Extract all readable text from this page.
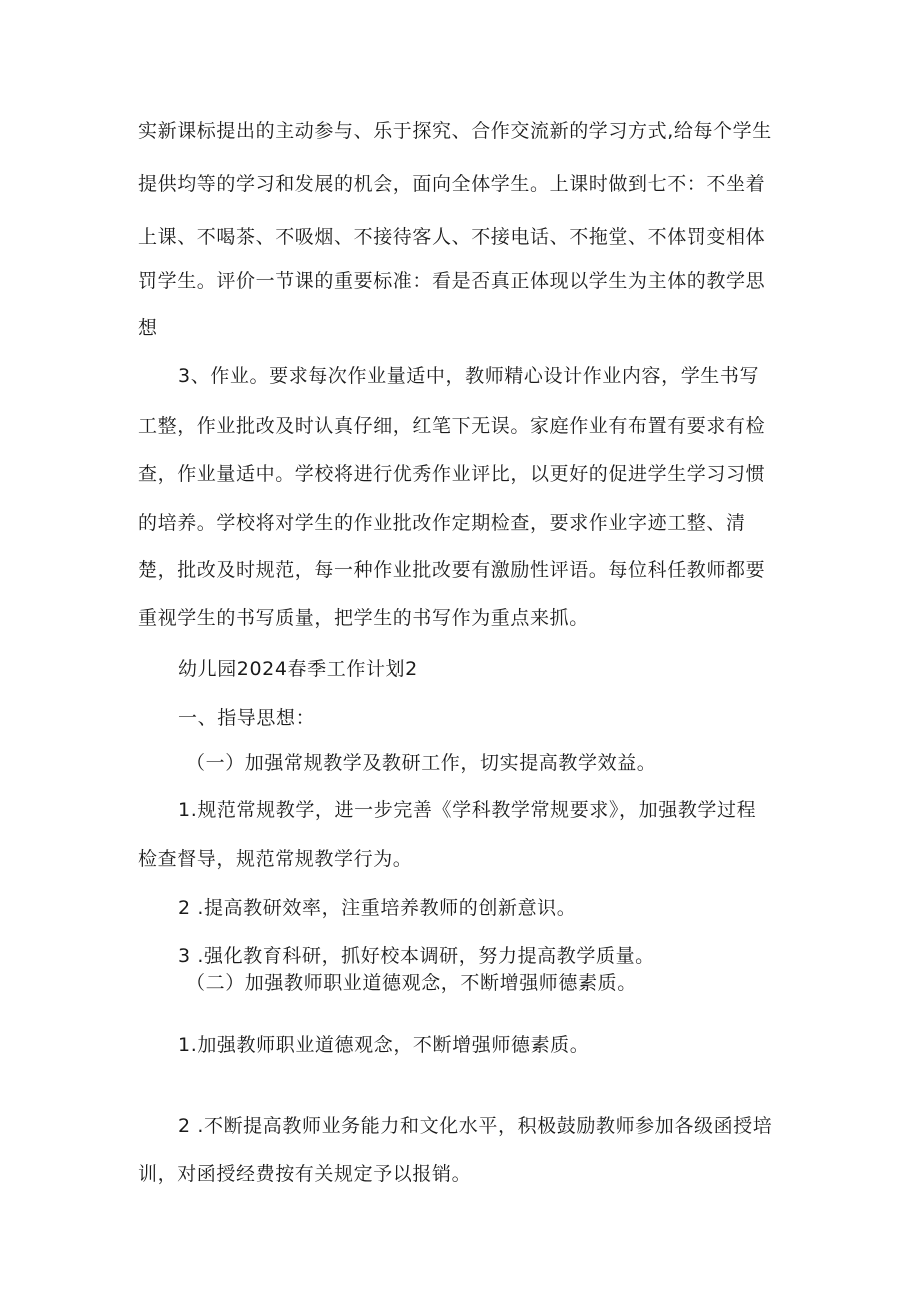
实新课标提出的主动参与、乐于探究、合作交流新的学习方式,给每个学生

提供均等的学习和发展的机会，面向全体学生。上课时做到七不：不坐着

上课、不喝茶、不吸烟、不接待客人、不接电话、不拖堂、不体罚变相体

罚学生。评价一节课的重要标准：看是否真正体现以学生为主体的教学思

想

3、作业。要求每次作业量适中，教师精心设计作业内容，学生书写

工整，作业批改及时认真仔细，红笔下无误。家庭作业有布置有要求有检

查，作业量适中。学校将进行优秀作业评比，以更好的促进学生学习习惯

的培养。学校将对学生的作业批改作定期检查，要求作业字迹工整、清

楚，批改及时规范，每一种作业批改要有激励性评语。每位科任教师都要

重视学生的书写质量，把学生的书写作为重点来抓。

幼儿园2024春季工作计划2

一、指导思想：

（一）加强常规教学及教研工作，切实提高教学效益。

1.规范常规教学，进一步完善《学科教学常规要求》，加强教学过程

检查督导，规范常规教学行为。

2 .提高教研效率，注重培养教师的创新意识。

3 .强化教育科研，抓好校本调研，努力提高教学质量。

（二）加强教师职业道德观念，不断增强师德素质。

1.加强教师职业道德观念，不断增强师德素质。

2 .不断提高教师业务能力和文化水平，积极鼓励教师参加各级函授培

训，对函授经费按有关规定予以报销。
